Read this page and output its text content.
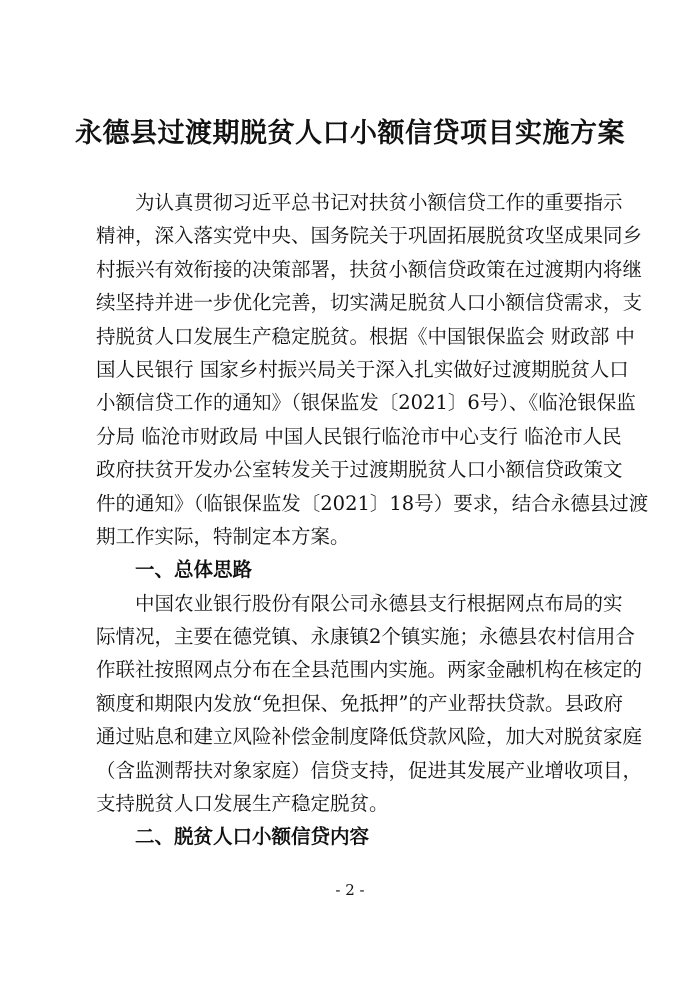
永德县过渡期脱贫人口小额信贷项目实施方案
为认真贯彻习近平总书记对扶贫小额信贷工作的重要指示
精神，深入落实党中央、国务院关于巩固拓展脱贫攻坚成果同乡
村振兴有效衔接的决策部署，扶贫小额信贷政策在过渡期内将继
续坚持并进一步优化完善，切实满足脱贫人口小额信贷需求，支
持脱贫人口发展生产稳定脱贫。根据《中国银保监会 财政部 中
国人民银行 国家乡村振兴局关于深入扎实做好过渡期脱贫人口
小额信贷工作的通知》（银保监发〔2021〕6号）、《临沧银保监
分局 临沧市财政局 中国人民银行临沧市中心支行 临沧市人民
政府扶贫开发办公室转发关于过渡期脱贫人口小额信贷政策文
件的通知》（临银保监发〔2021〕18号）要求，结合永德县过渡
期工作实际，特制定本方案。
一、总体思路
中国农业银行股份有限公司永德县支行根据网点布局的实
际情况，主要在德党镇、永康镇2个镇实施；永德县农村信用合
作联社按照网点分布在全县范围内实施。两家金融机构在核定的
额度和期限内发放“免担保、免抵押”的产业帮扶贷款。县政府
通过贴息和建立风险补偿金制度降低贷款风险，加大对脱贫家庭
（含监测帮扶对象家庭）信贷支持，促进其发展产业增收项目，
支持脱贫人口发展生产稳定脱贫。
二、脱贫人口小额信贷内容
- 2 -
